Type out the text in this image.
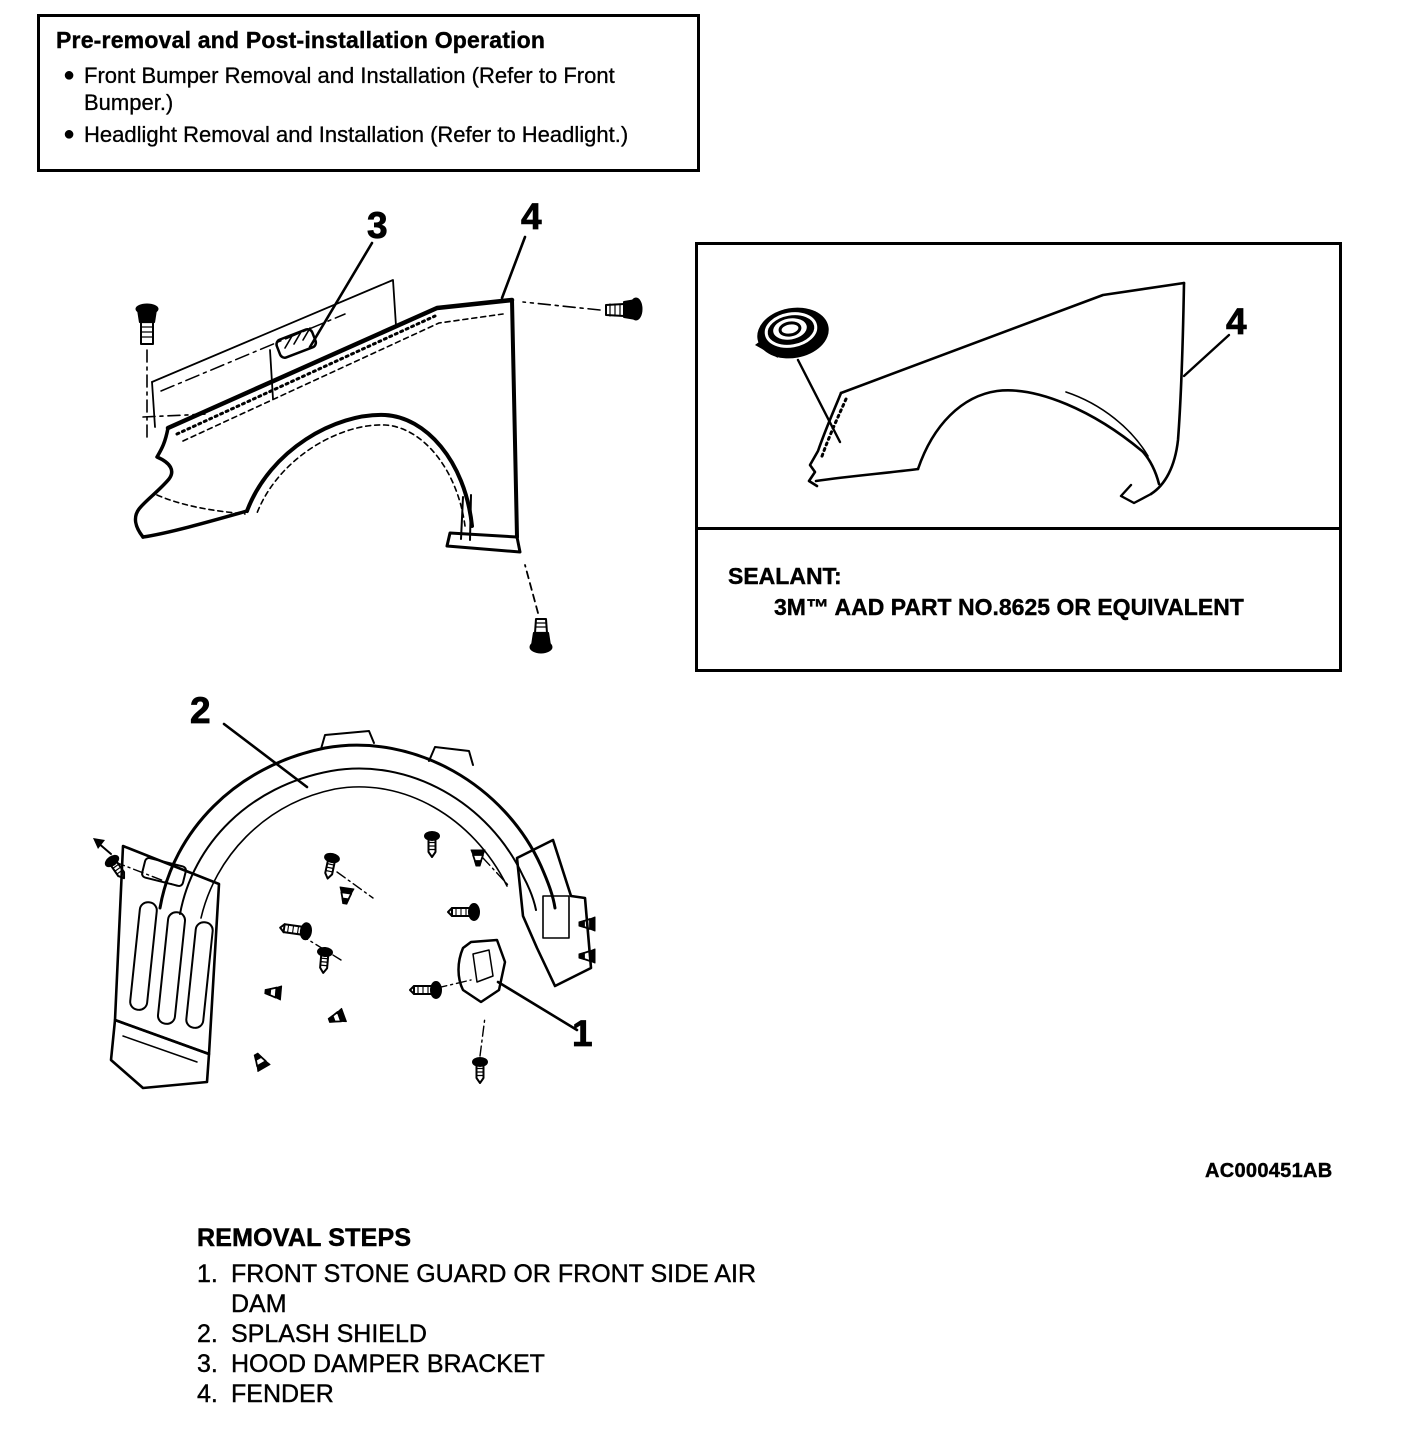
Pre-removal and Post-installation Operation
● Front Bumper Removal and Installation (Refer to Front Bumper.)
● Headlight Removal and Installation (Refer to Headlight.)
3	4
4
SEALANT:
3M™ AAD PART NO.8625 OR EQUIVALENT
2
1
AC000451AB
REMOVAL STEPS
1. FRONT STONE GUARD OR FRONT SIDE AIR DAM
2. SPLASH SHIELD
3. HOOD DAMPER BRACKET
4. FENDER
